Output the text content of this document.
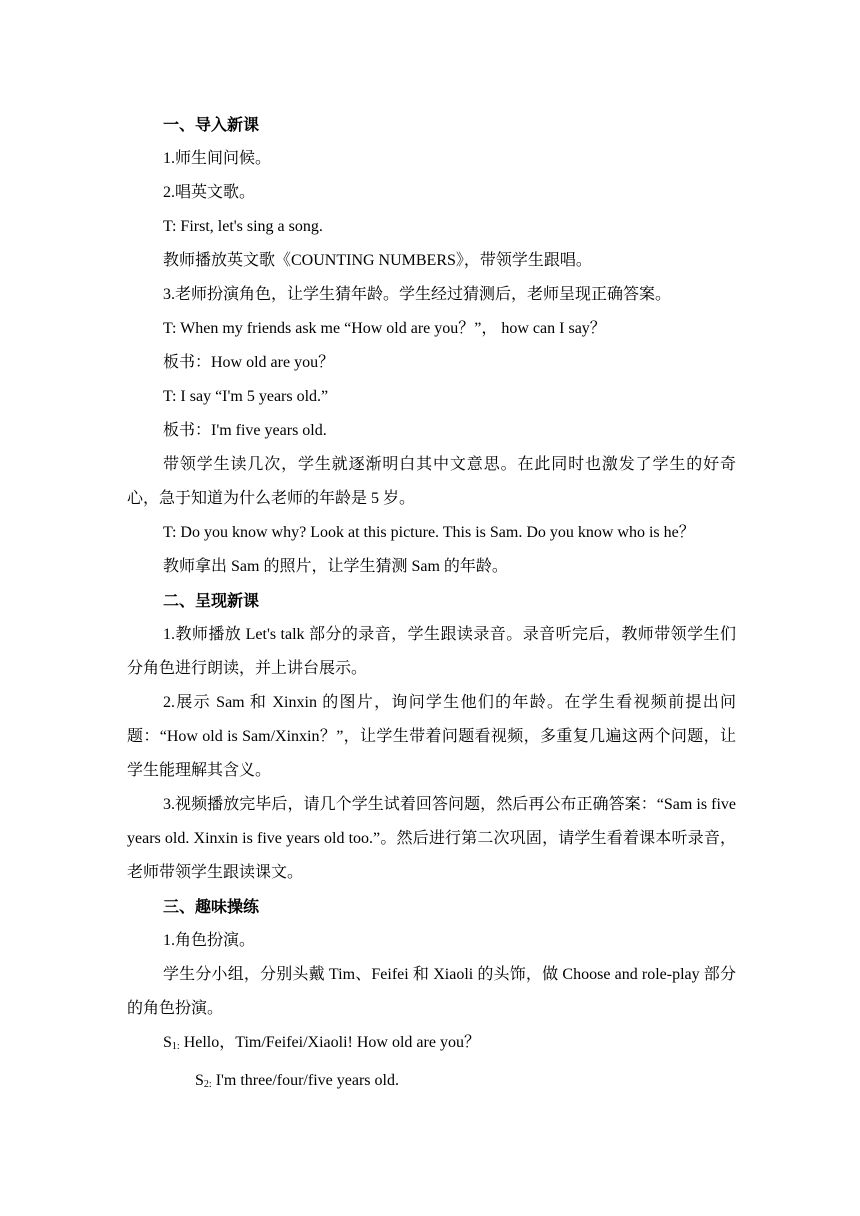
一、导入新课

1.师生间问候。

2.唱英文歌。

T: First, let's sing a song.

教师播放英文歌《COUNTING NUMBERS》，带领学生跟唱。

3.老师扮演角色，让学生猜年龄。学生经过猜测后，老师呈现正确答案。

T: When my friends ask me “How old are you？”， how can I say？

板书：How old are you？

T: I say “I'm 5 years old.”

板书：I'm five years old.

带领学生读几次，学生就逐渐明白其中文意思。在此同时也激发了学生的好奇心，急于知道为什么老师的年龄是 5 岁。

T: Do you know why? Look at this picture. This is Sam. Do you know who is he？

教师拿出 Sam 的照片，让学生猜测 Sam 的年龄。

二、呈现新课

1.教师播放 Let's talk 部分的录音，学生跟读录音。录音听完后，教师带领学生们分角色进行朗读，并上讲台展示。

2.展示 Sam 和 Xinxin 的图片，询问学生他们的年龄。在学生看视频前提出问题：“How old is Sam/Xinxin？”，让学生带着问题看视频，多重复几遍这两个问题，让学生能理解其含义。

3.视频播放完毕后，请几个学生试着回答问题，然后再公布正确答案：“Sam is five years old. Xinxin is five years old too.”。然后进行第二次巩固，请学生看着课本听录音，老师带领学生跟读课文。

三、趣味操练

1.角色扮演。

学生分小组，分别头戴 Tim、Feifei 和 Xiaoli 的头饰，做 Choose and role-play 部分的角色扮演。

$S_{1:}$ Hello，Tim/Feifei/Xiaoli! How old are you？

$S_{2:}$ I'm three/four/five years old.
